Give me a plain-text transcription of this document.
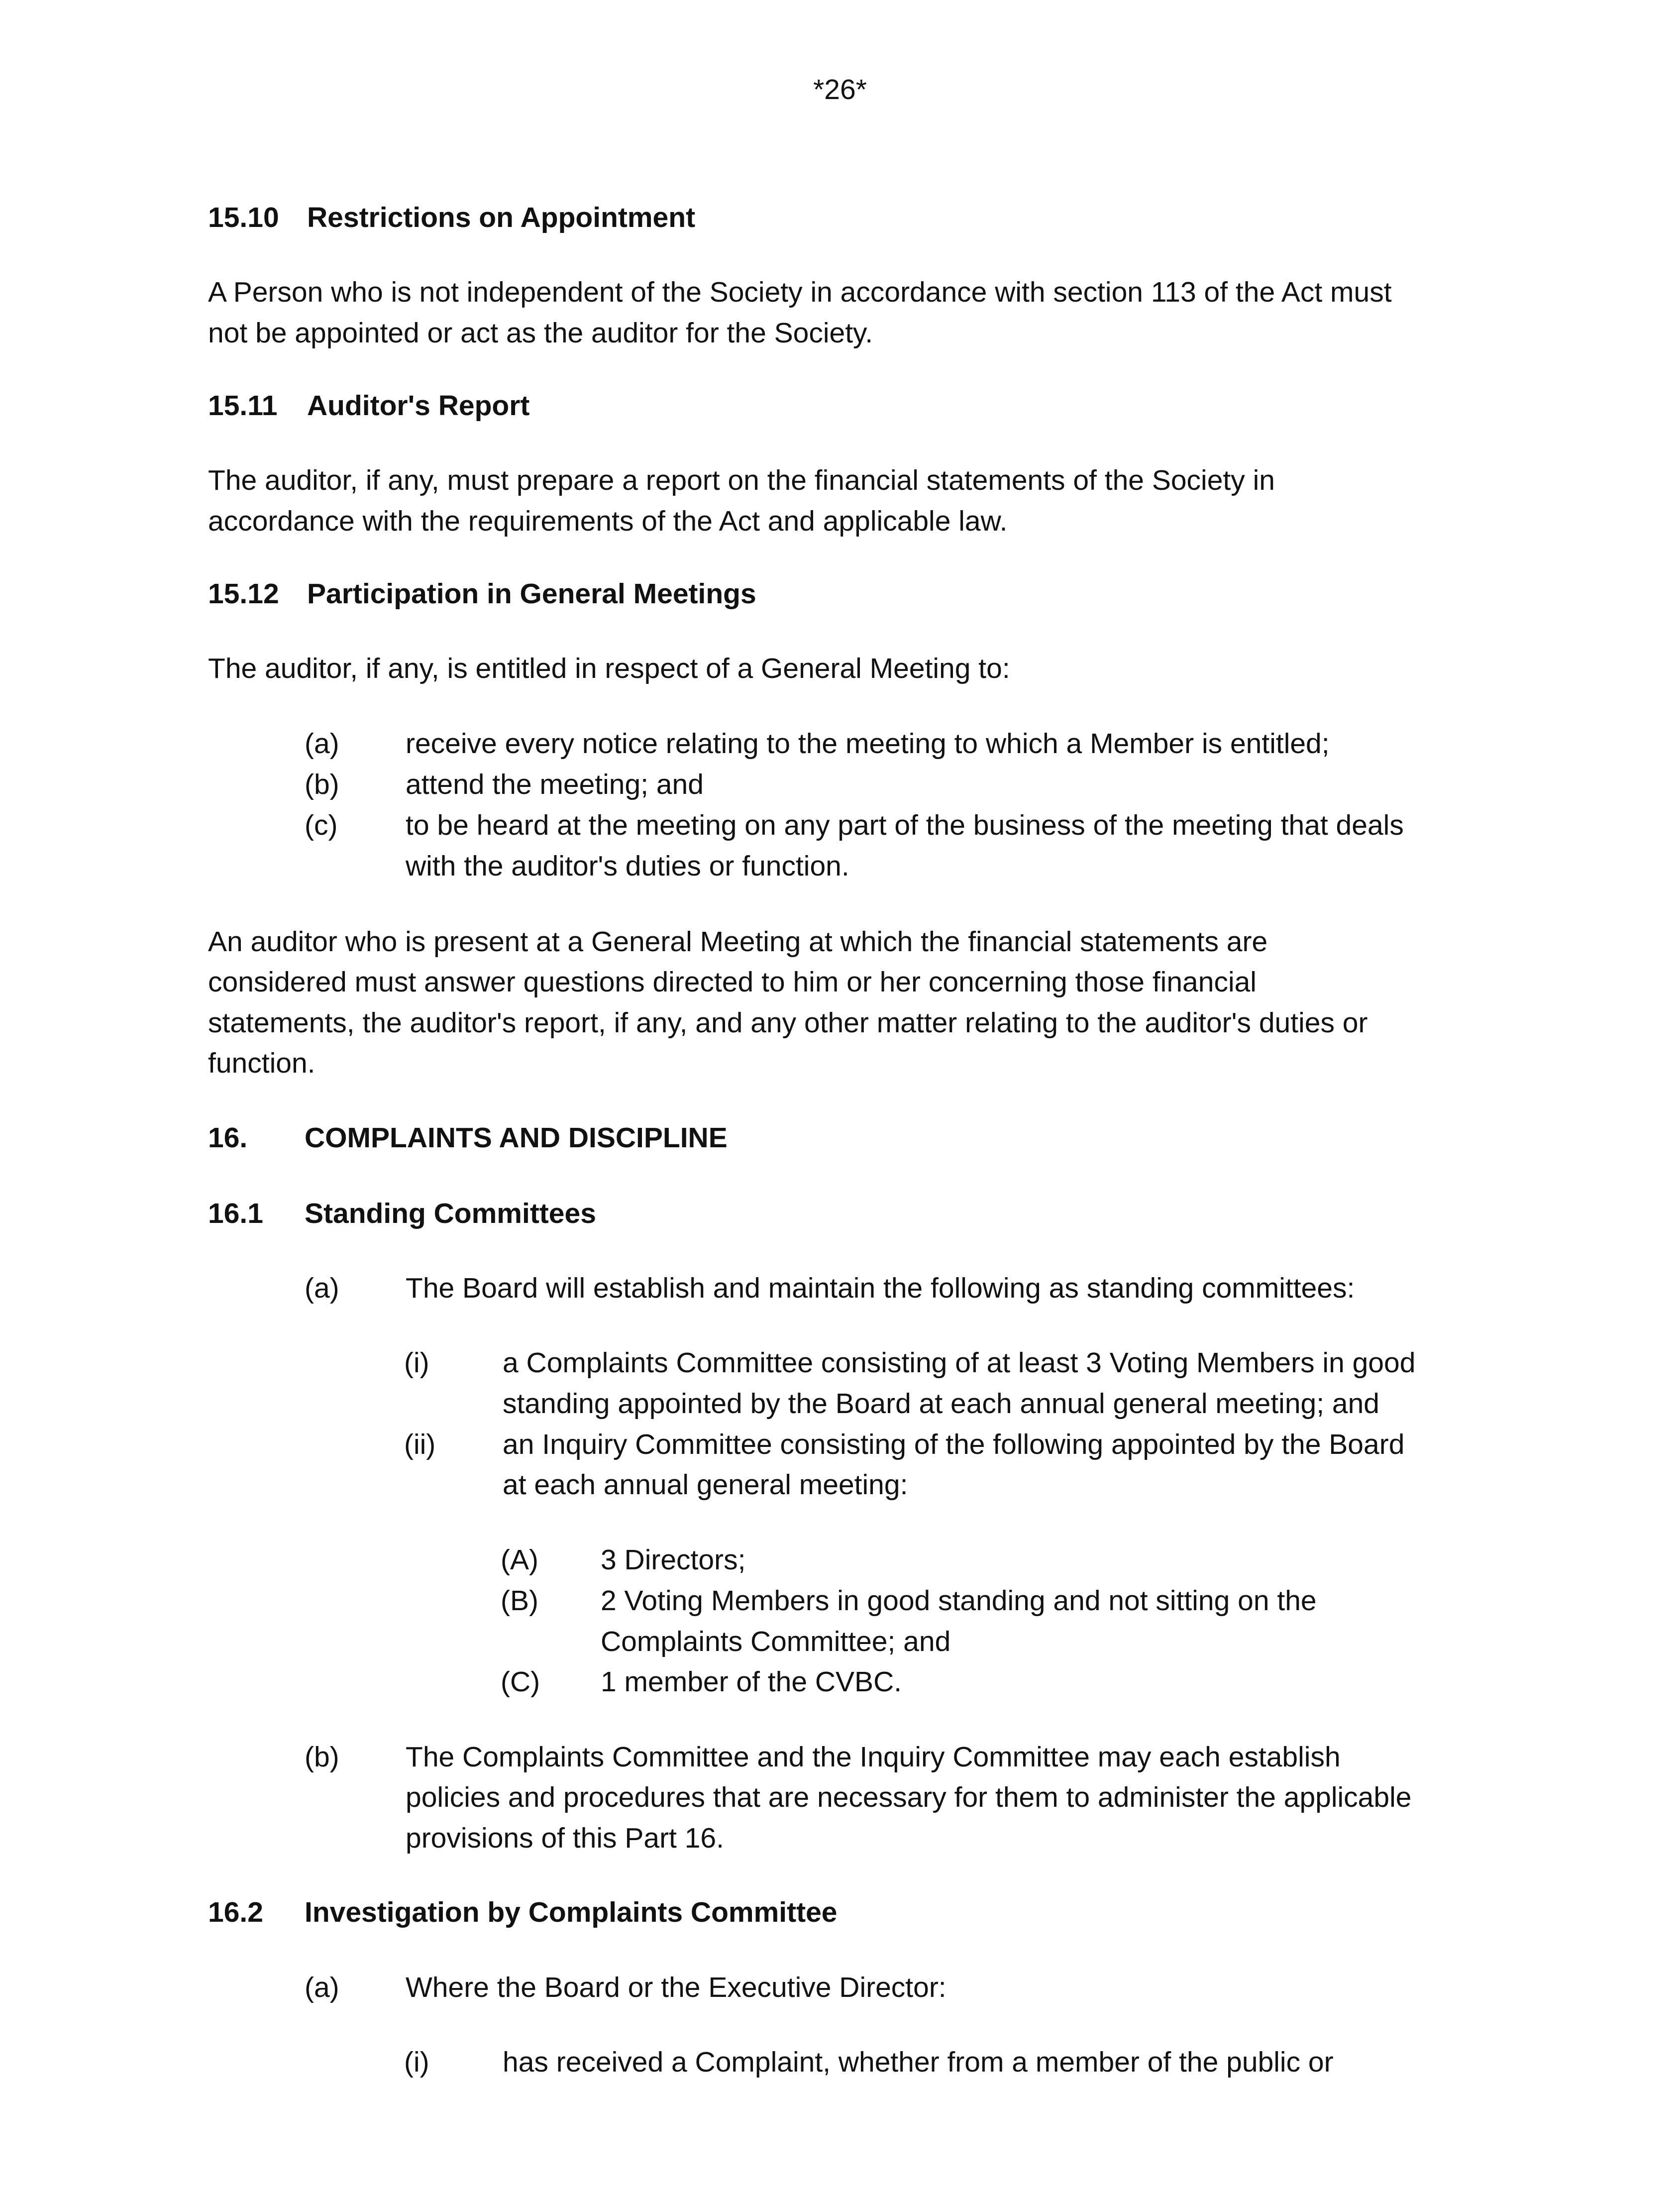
*26*
15.10 Restrictions on Appointment
A Person who is not independent of the Society in accordance with section 113 of the Act must
not be appointed or act as the auditor for the Society.
15.11 Auditor's Report
The auditor, if any, must prepare a report on the financial statements of the Society in
accordance with the requirements of the Act and applicable law.
15.12 Participation in General Meetings
The auditor, if any, is entitled in respect of a General Meeting to:
(a) receive every notice relating to the meeting to which a Member is entitled;
(b) attend the meeting; and
(c) to be heard at the meeting on any part of the business of the meeting that deals
with the auditor's duties or function.
An auditor who is present at a General Meeting at which the financial statements are
considered must answer questions directed to him or her concerning those financial
statements, the auditor's report, if any, and any other matter relating to the auditor's duties or
function.
16. COMPLAINTS AND DISCIPLINE
16.1 Standing Committees
(a) The Board will establish and maintain the following as standing committees:
(i)	a Complaints Committee consisting of at least 3 Voting Members in good
standing appointed by the Board at each annual general meeting; and
(ii) an Inquiry Committee consisting of the following appointed by the Board
at each annual general meeting:
(A) 3 Directors;
(B) 2 Voting Members in good standing and not sitting on the
Complaints Committee; and
(C) 1 member of the CVBC.
(b) The Complaints Committee and the Inquiry Committee may each establish
policies and procedures that are necessary for them to administer the applicable
provisions of this Part 16.
16.2 Investigation by Complaints Committee
(a) Where the Board or the Executive Director:
(i)	has received a Complaint, whether from a member of the public or
